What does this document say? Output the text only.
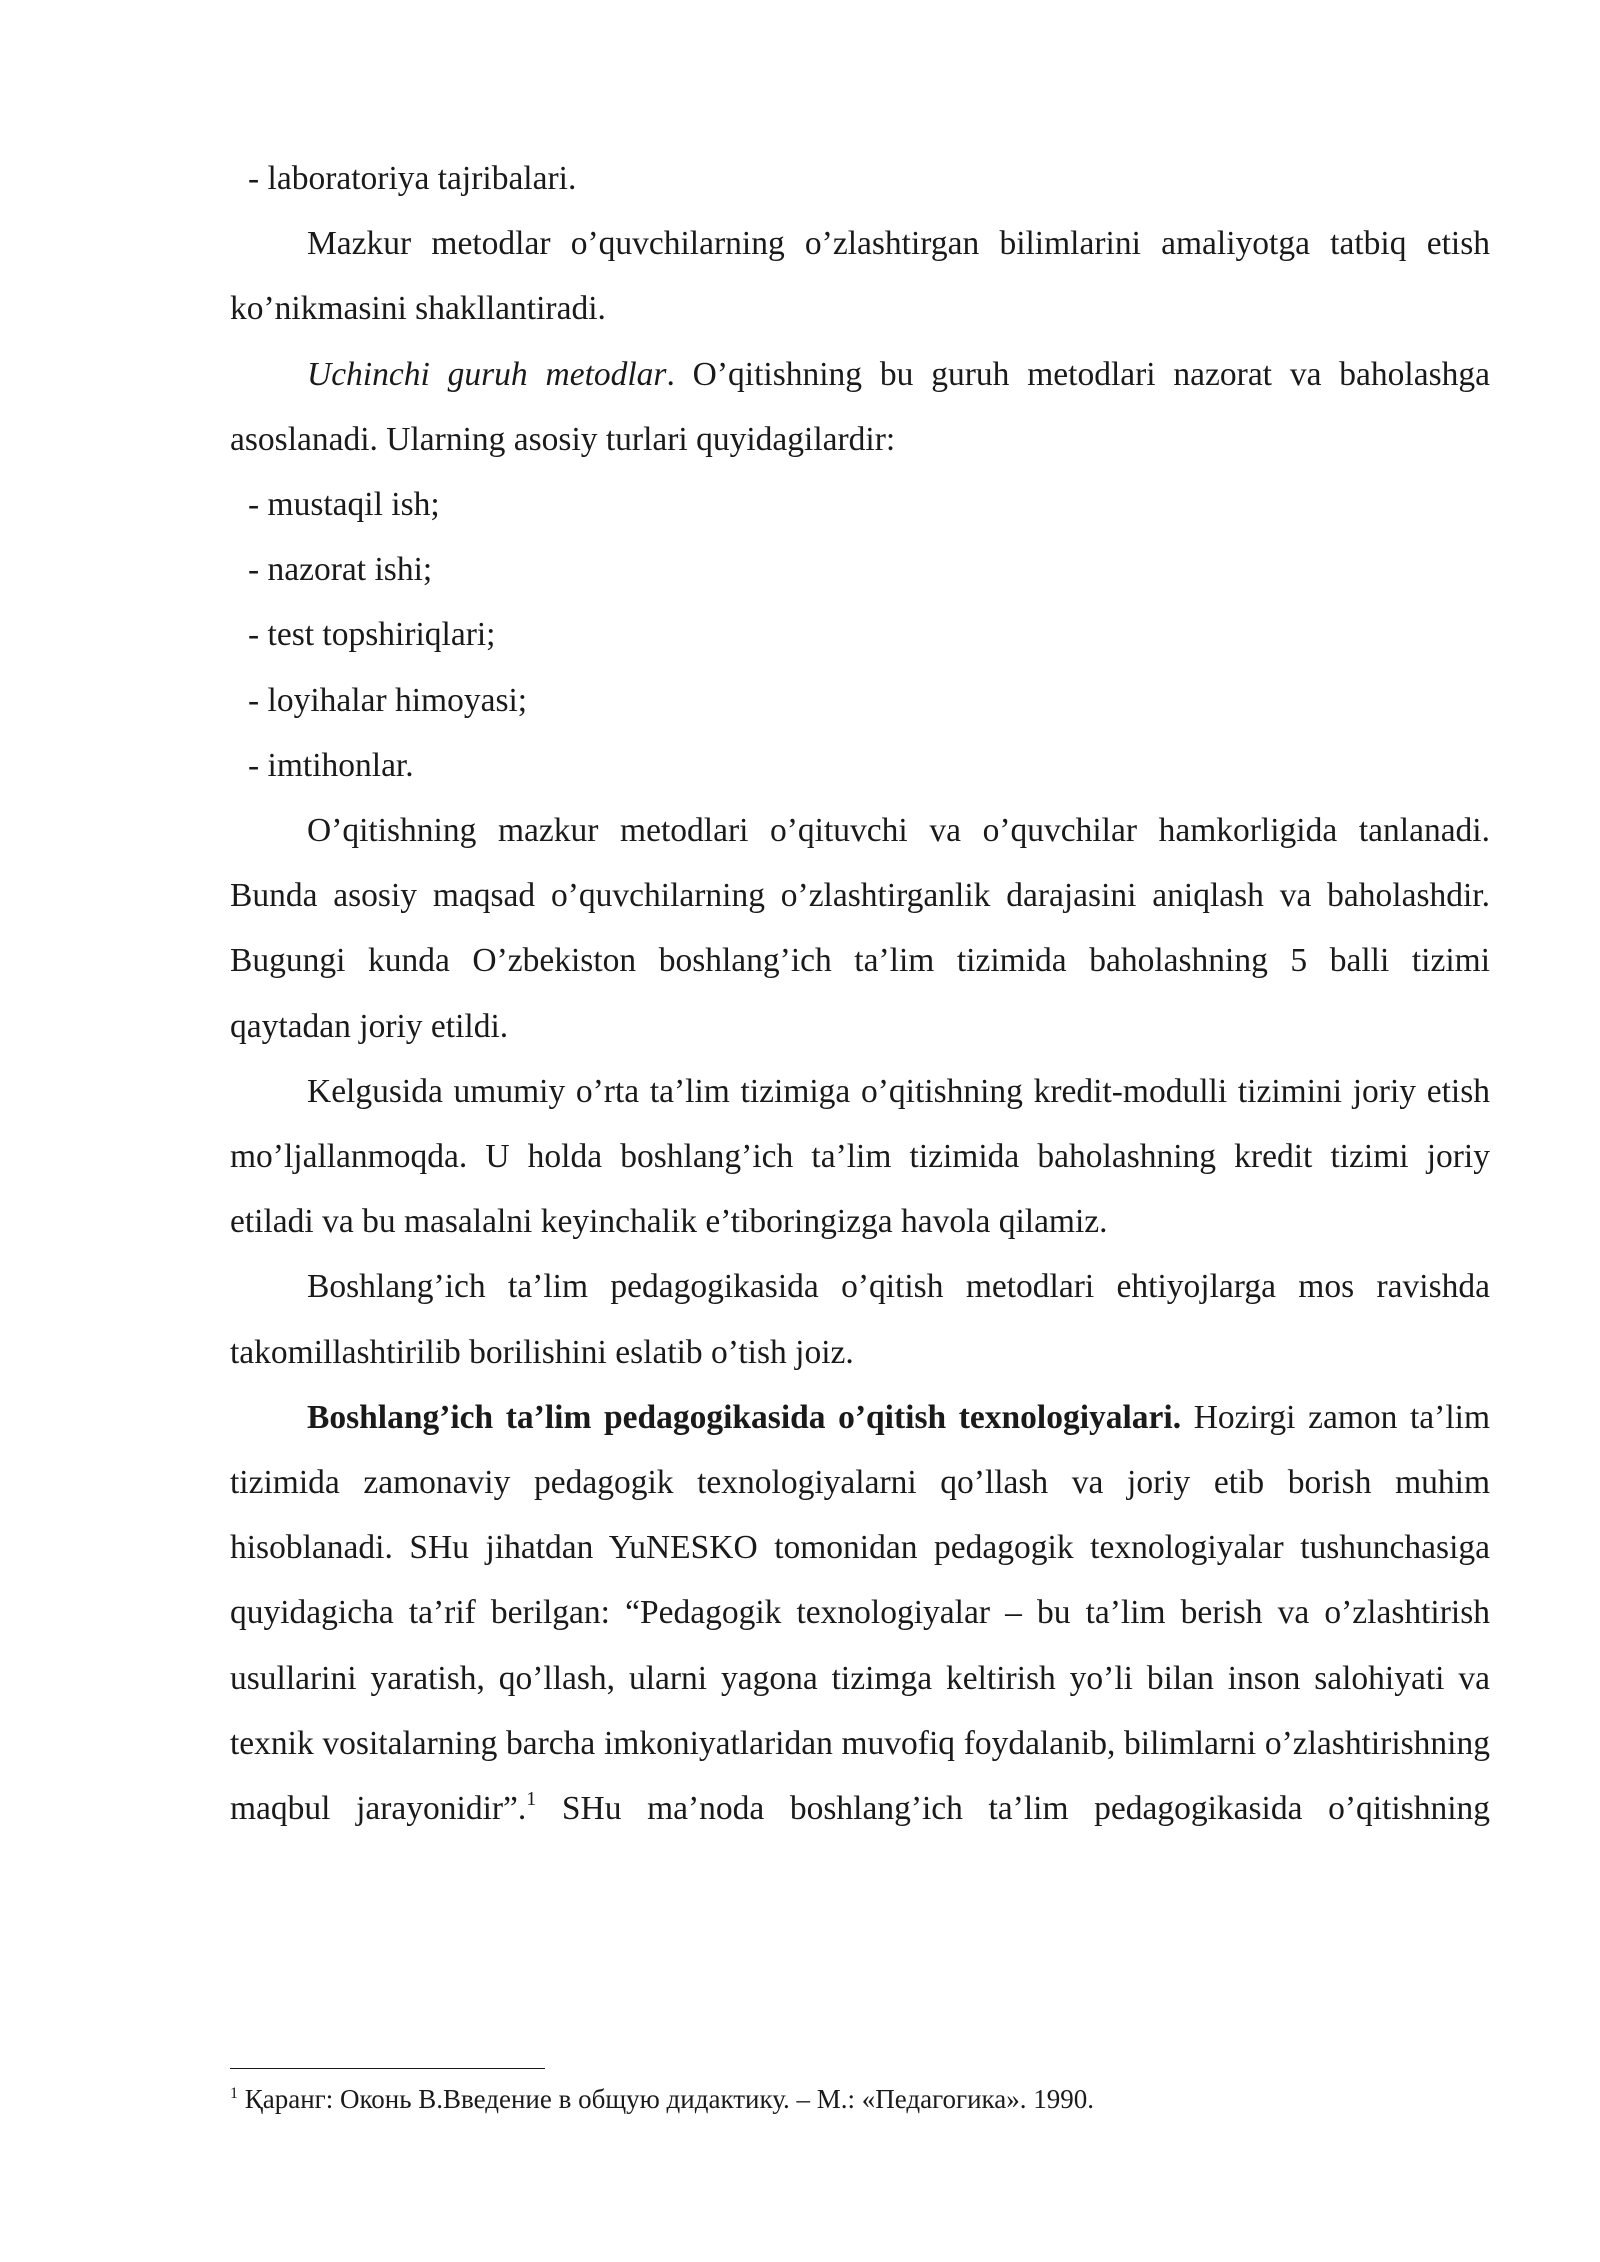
- laboratoriya tajribalari.

Mazkur metodlar o’quvchilarning o’zlashtirgan bilimlarini amaliyotga tatbiq etish ko’nikmasini shakllantiradi.

Uchinchi guruh metodlar. O’qitishning bu guruh metodlari nazorat va baholashga asoslanadi. Ularning asosiy turlari quyidagilardir:

- mustaqil ish;

- nazorat ishi;

- test topshiriqlari;

- loyihalar himoyasi;

- imtihonlar.

O’qitishning mazkur metodlari o’qituvchi va o’quvchilar hamkorligida tanlanadi. Bunda asosiy maqsad o’quvchilarning o’zlashtirganlik darajasini aniqlash va baholashdir. Bugungi kunda O’zbekiston boshlang’ich ta’lim tizimida baholashning 5 balli tizimi qaytadan joriy etildi.

Kelgusida umumiy o’rta ta’lim tizimiga o’qitishning kredit-modulli tizimini joriy etish mo’ljallanmoqda. U holda boshlang’ich ta’lim tizimida baholashning kredit tizimi joriy etiladi va bu masalalni keyinchalik e’tiboringizga havola qilamiz.

Boshlang’ich ta’lim pedagogikasida o’qitish metodlari ehtiyojlarga mos ravishda takomillashtirilib borilishini eslatib o’tish joiz.

Boshlang’ich ta’lim pedagogikasida o’qitish texnologiyalari. Hozirgi zamon ta’lim tizimida zamonaviy pedagogik texnologiyalarni qo’llash va joriy etib borish muhim hisoblanadi. SHu jihatdan YuNESKO tomonidan pedagogik texnologiyalar tushunchasiga quyidagicha ta’rif berilgan: “Pedagogik texnologiyalar – bu ta’lim berish va o’zlashtirish usullarini yaratish, qo’llash, ularni yagona tizimga keltirish yo’li bilan inson salohiyati va texnik vositalarning barcha imkoniyatlaridan muvofiq foydalanib, bilimlarni o’zlashtirishning maqbul jarayonidir”.$^1$ SHu ma’noda boshlang’ich ta’lim pedagogikasida o’qitishning

$^1$ Қаранг: Оконь В.Введение в общую дидактику. – М.: «Педагогика». 1990.
